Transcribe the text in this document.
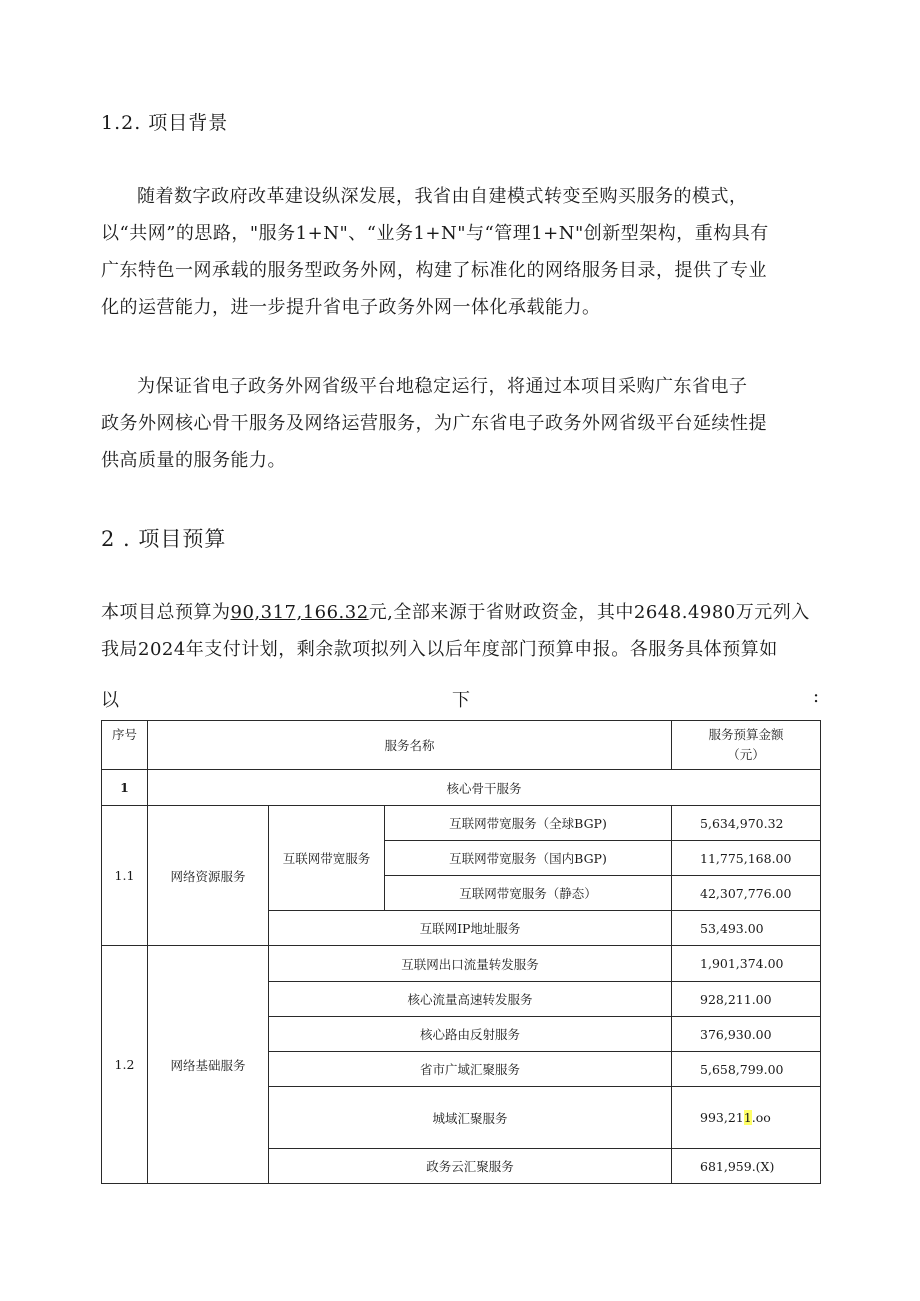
1.2. 项目背景
随着数字政府改革建设纵深发展，我省由自建模式转变至购买服务的模式，
以“共网”的思路，"服务1+N"、“业务1+N"与“管理1+N"创新型架构，重构具有
广东特色一网承载的服务型政务外网，构建了标准化的网络服务目录，提供了专业
化的运营能力，进一步提升省电子政务外网一体化承载能力。
为保证省电子政务外网省级平台地稳定运行，将通过本项目采购广东省电子
政务外网核心骨干服务及网络运营服务，为广东省电子政务外网省级平台延续性提
供高质量的服务能力。
2 . 项目预算
本项目总预算为90,317,166.32元,全部来源于省财政资金，其中2648.4980万元列入
我局2024年支付计划，剩余款项拟列入以后年度部门预算申报。各服务具体预算如
以	下	:
序号	服务名称			服务预算金额
（元）
1	核心骨干服务			
1.1	网络资源服务	互联网带宽服务	互联网带宽服务（全球BGP)	5,634,970.32
			互联网带宽服务（国内BGP)	11,775,168.00
			互联网带宽服务（静态）	42,307,776.00
		互联网IP地址服务		53,493.00
1.2	网络基础服务	互联网出口流量转发服务		1,901,374.00
		核心流量高速转发服务		928,211.00
		核心路由反射服务		376,930.00
		省市广域汇聚服务		5,658,799.00
		城域汇聚服务		993,211.oo
		政务云汇聚服务		681,959.(X)
